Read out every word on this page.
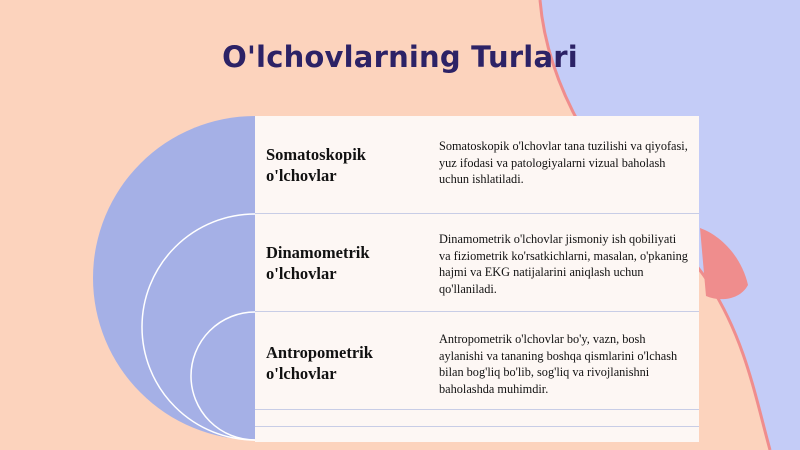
O'lchovlarning Turlari
Somatoskopik o'lchovlar
Somatoskopik o'lchovlar tana tuzilishi va qiyofasi, yuz ifodasi va patologiyalarni vizual baholash uchun ishlatiladi.
Dinamometrik o'lchovlar
Dinamometrik o'lchovlar jismoniy ish qobiliyati va fiziometrik ko'rsatkichlarni, masalan, o'pkaning hajmi va EKG natijalarini aniqlash uchun qo'llaniladi.
Antropometrik o'lchovlar
Antropometrik o'lchovlar bo'y, vazn, bosh aylanishi va tananing boshqa qismlarini o'lchash bilan bog'liq bo'lib, sog'liq va rivojlanishni baholashda muhimdir.
